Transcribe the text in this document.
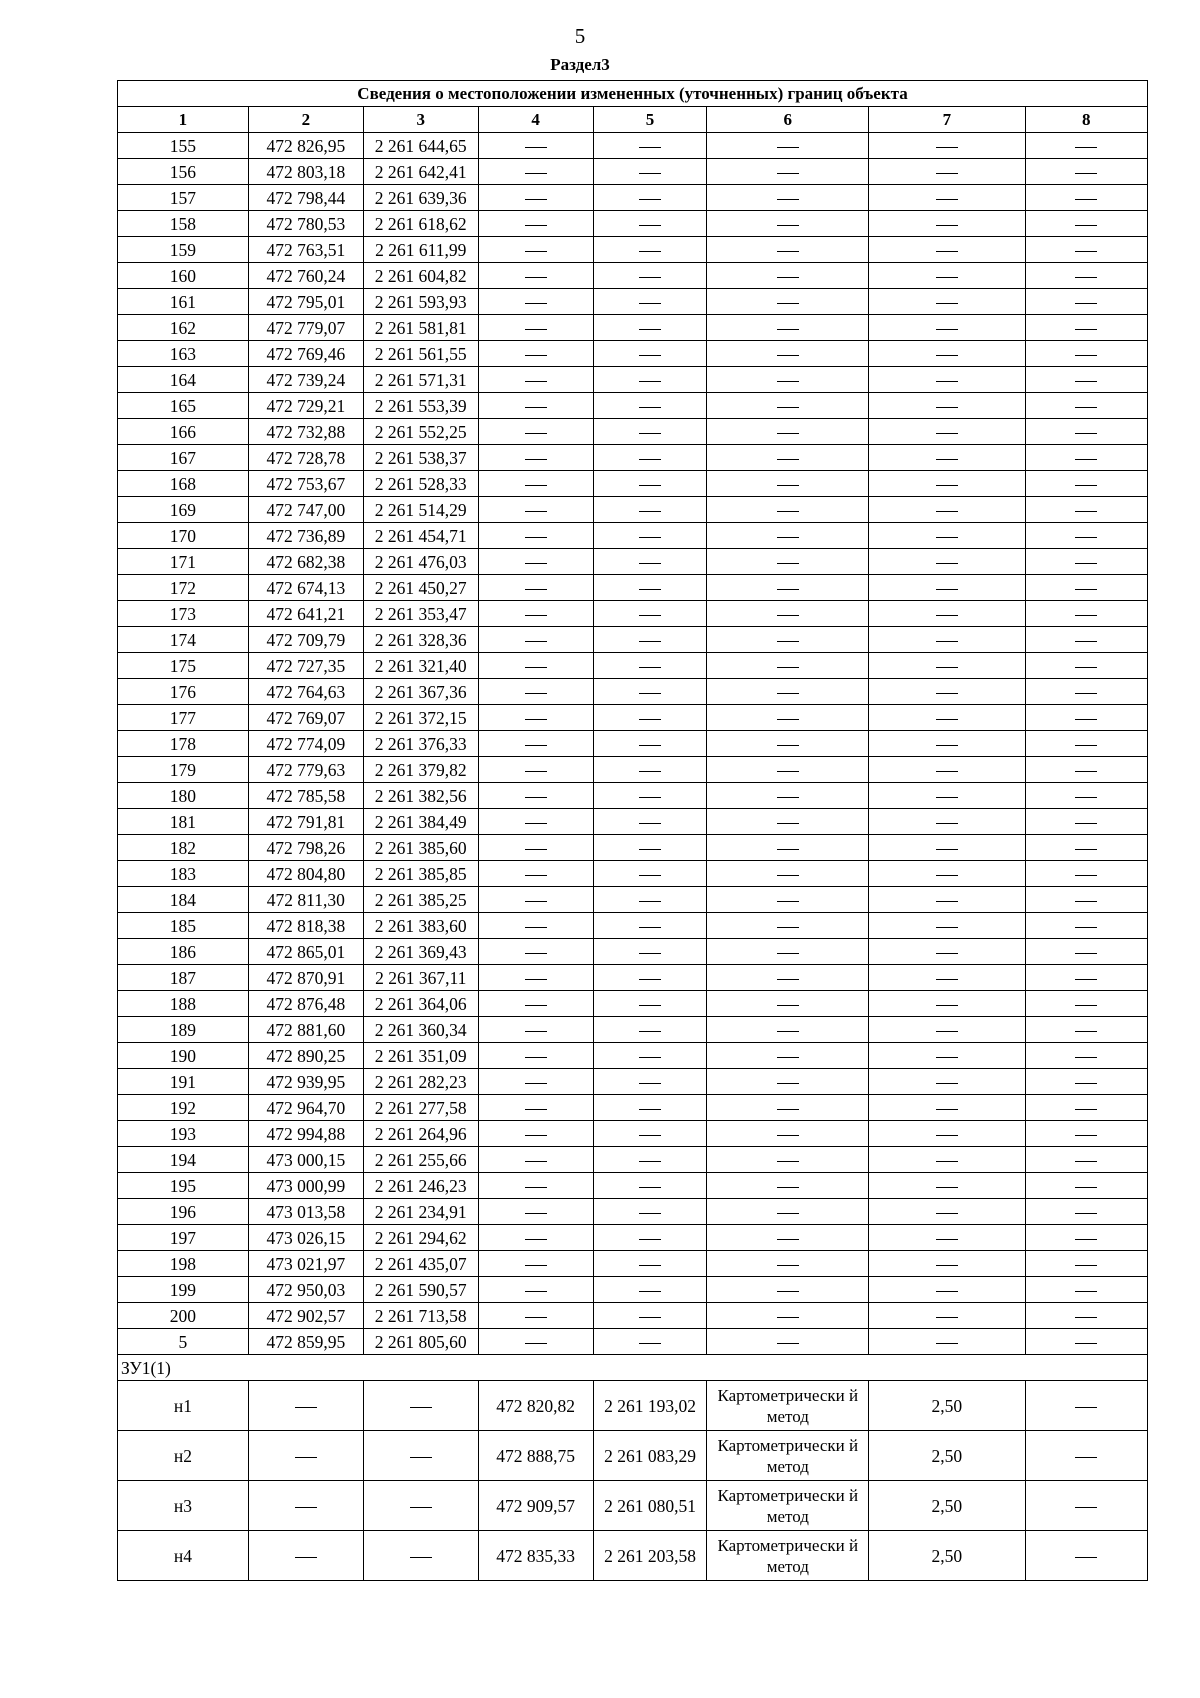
5
Раздел3
Сведения о местоположении измененных (уточненных) границ объекта							
1	2	3	4	5	6	7	8
155	472 826,95	2 261 644,65					
156	472 803,18	2 261 642,41					
157	472 798,44	2 261 639,36					
158	472 780,53	2 261 618,62					
159	472 763,51	2 261 611,99					
160	472 760,24	2 261 604,82					
161	472 795,01	2 261 593,93					
162	472 779,07	2 261 581,81					
163	472 769,46	2 261 561,55					
164	472 739,24	2 261 571,31					
165	472 729,21	2 261 553,39					
166	472 732,88	2 261 552,25					
167	472 728,78	2 261 538,37					
168	472 753,67	2 261 528,33					
169	472 747,00	2 261 514,29					
170	472 736,89	2 261 454,71					
171	472 682,38	2 261 476,03					
172	472 674,13	2 261 450,27					
173	472 641,21	2 261 353,47					
174	472 709,79	2 261 328,36					
175	472 727,35	2 261 321,40					
176	472 764,63	2 261 367,36					
177	472 769,07	2 261 372,15					
178	472 774,09	2 261 376,33					
179	472 779,63	2 261 379,82					
180	472 785,58	2 261 382,56					
181	472 791,81	2 261 384,49					
182	472 798,26	2 261 385,60					
183	472 804,80	2 261 385,85					
184	472 811,30	2 261 385,25					
185	472 818,38	2 261 383,60					
186	472 865,01	2 261 369,43					
187	472 870,91	2 261 367,11					
188	472 876,48	2 261 364,06					
189	472 881,60	2 261 360,34					
190	472 890,25	2 261 351,09					
191	472 939,95	2 261 282,23					
192	472 964,70	2 261 277,58					
193	472 994,88	2 261 264,96					
194	473 000,15	2 261 255,66					
195	473 000,99	2 261 246,23					
196	473 013,58	2 261 234,91					
197	473 026,15	2 261 294,62					
198	473 021,97	2 261 435,07					
199	472 950,03	2 261 590,57					
200	472 902,57	2 261 713,58					
5	472 859,95	2 261 805,60					
ЗУ1(1)							
н1			472 820,82	2 261 193,02	Картометрически й метод	2,50	
н2			472 888,75	2 261 083,29	Картометрически й метод	2,50	
н3			472 909,57	2 261 080,51	Картометрически й метод	2,50	
н4			472 835,33	2 261 203,58	Картометрически й метод	2,50	
